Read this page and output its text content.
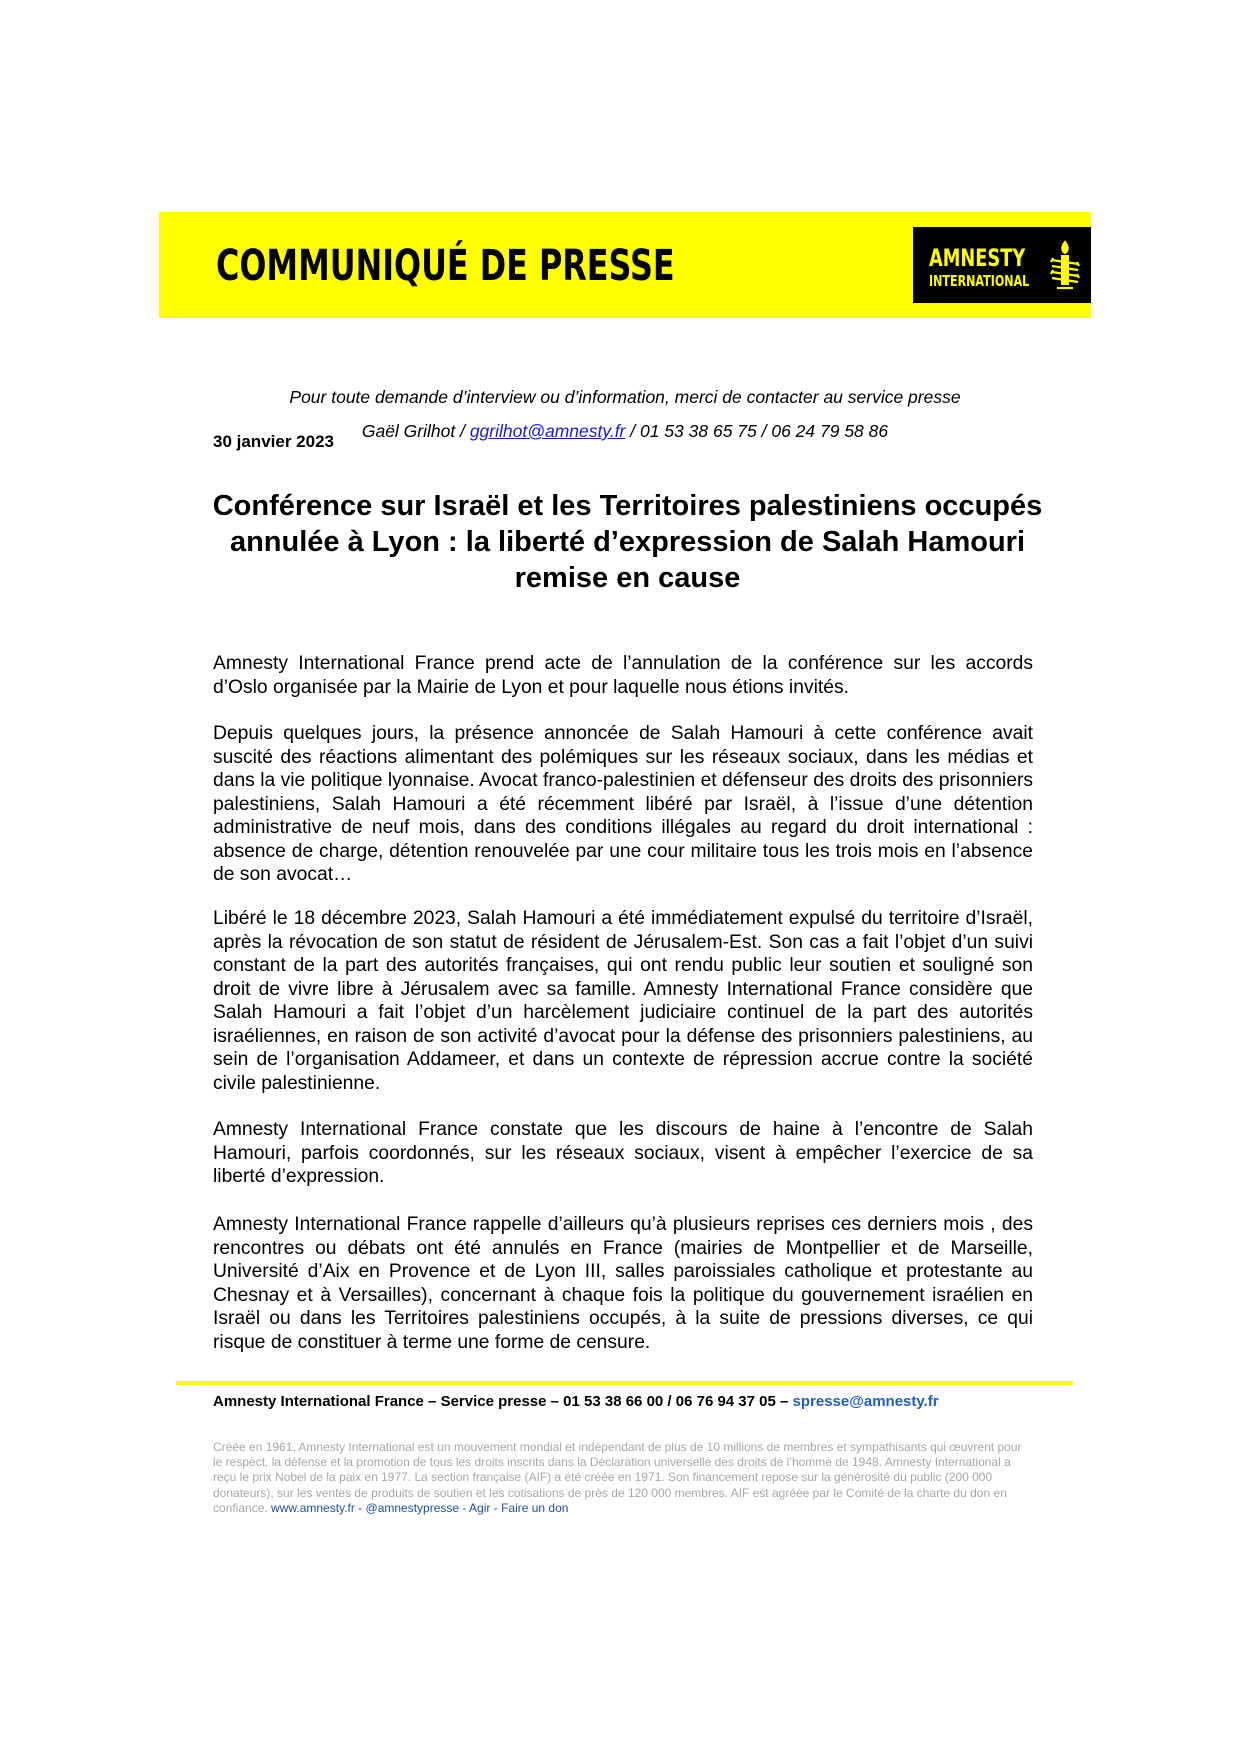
COMMUNIQUÉ DE PRESSE	AMNESTY
INTERNATIONAL
Pour toute demande d’interview ou d’information, merci de contacter au service presse
Gaël Grilhot / ggrilhot@amnesty.fr / 01 53 38 65 75 / 06 24 79 58 86
30 janvier 2023
Conférence sur Israël et les Territoires palestiniens occupés annulée à Lyon : la liberté d’expression de Salah Hamouri remise en cause

Amnesty International France prend acte de l’annulation de la conférence sur les accords d’Oslo organisée par la Mairie de Lyon et pour laquelle nous étions invités.

Depuis quelques jours, la présence annoncée de Salah Hamouri à cette conférence avait suscité des réactions alimentant des polémiques sur les réseaux sociaux, dans les médias et dans la vie politique lyonnaise. Avocat franco-palestinien et défenseur des droits des prisonniers palestiniens, Salah Hamouri a été récemment libéré par Israël, à l’issue d’une détention administrative de neuf mois, dans des conditions illégales au regard du droit international : absence de charge, détention renouvelée par une cour militaire tous les trois mois en l’absence de son avocat…

Libéré le 18 décembre 2023, Salah Hamouri a été immédiatement expulsé du territoire d’Israël, après la révocation de son statut de résident de Jérusalem-Est. Son cas a fait l’objet d’un suivi constant de la part des autorités françaises, qui ont rendu public leur soutien et souligné son droit de vivre libre à Jérusalem avec sa famille. Amnesty International France considère que Salah Hamouri a fait l’objet d’un harcèlement judiciaire continuel de la part des autorités israéliennes, en raison de son activité d’avocat pour la défense des prisonniers palestiniens, au sein de l’organisation Addameer, et dans un contexte de répression accrue contre la société civile palestinienne.

Amnesty International France constate que les discours de haine à l’encontre de Salah Hamouri, parfois coordonnés, sur les réseaux sociaux, visent à empêcher l’exercice de sa liberté d’expression.

Amnesty International France rappelle d’ailleurs qu’à plusieurs reprises ces derniers mois , des rencontres ou débats ont été annulés en France (mairies de Montpellier et de Marseille, Université d’Aix en Provence et de Lyon III, salles paroissiales catholique et protestante au Chesnay et à Versailles), concernant à chaque fois la politique du gouvernement israélien en Israël ou dans les Territoires palestiniens occupés, à la suite de pressions diverses, ce qui risque de constituer à terme une forme de censure.

Amnesty International France – Service presse – 01 53 38 66 00 / 06 76 94 37 05 – spresse@amnesty.fr

Créée en 1961, Amnesty International est un mouvement mondial et indépendant de plus de 10 millions de membres et sympathisants qui œuvrent pour le respect, la défense et la promotion de tous les droits inscrits dans la Déclaration universelle des droits de l’homme de 1948. Amnesty International a reçu le prix Nobel de la paix en 1977. La section française (AIF) a été créée en 1971. Son financement repose sur la générosité du public (200 000 donateurs), sur les ventes de produits de soutien et les cotisations de près de 120 000 membres. AIF est agréée par le Comité de la charte du don en confiance. www.amnesty.fr - @amnestypresse - Agir - Faire un don
